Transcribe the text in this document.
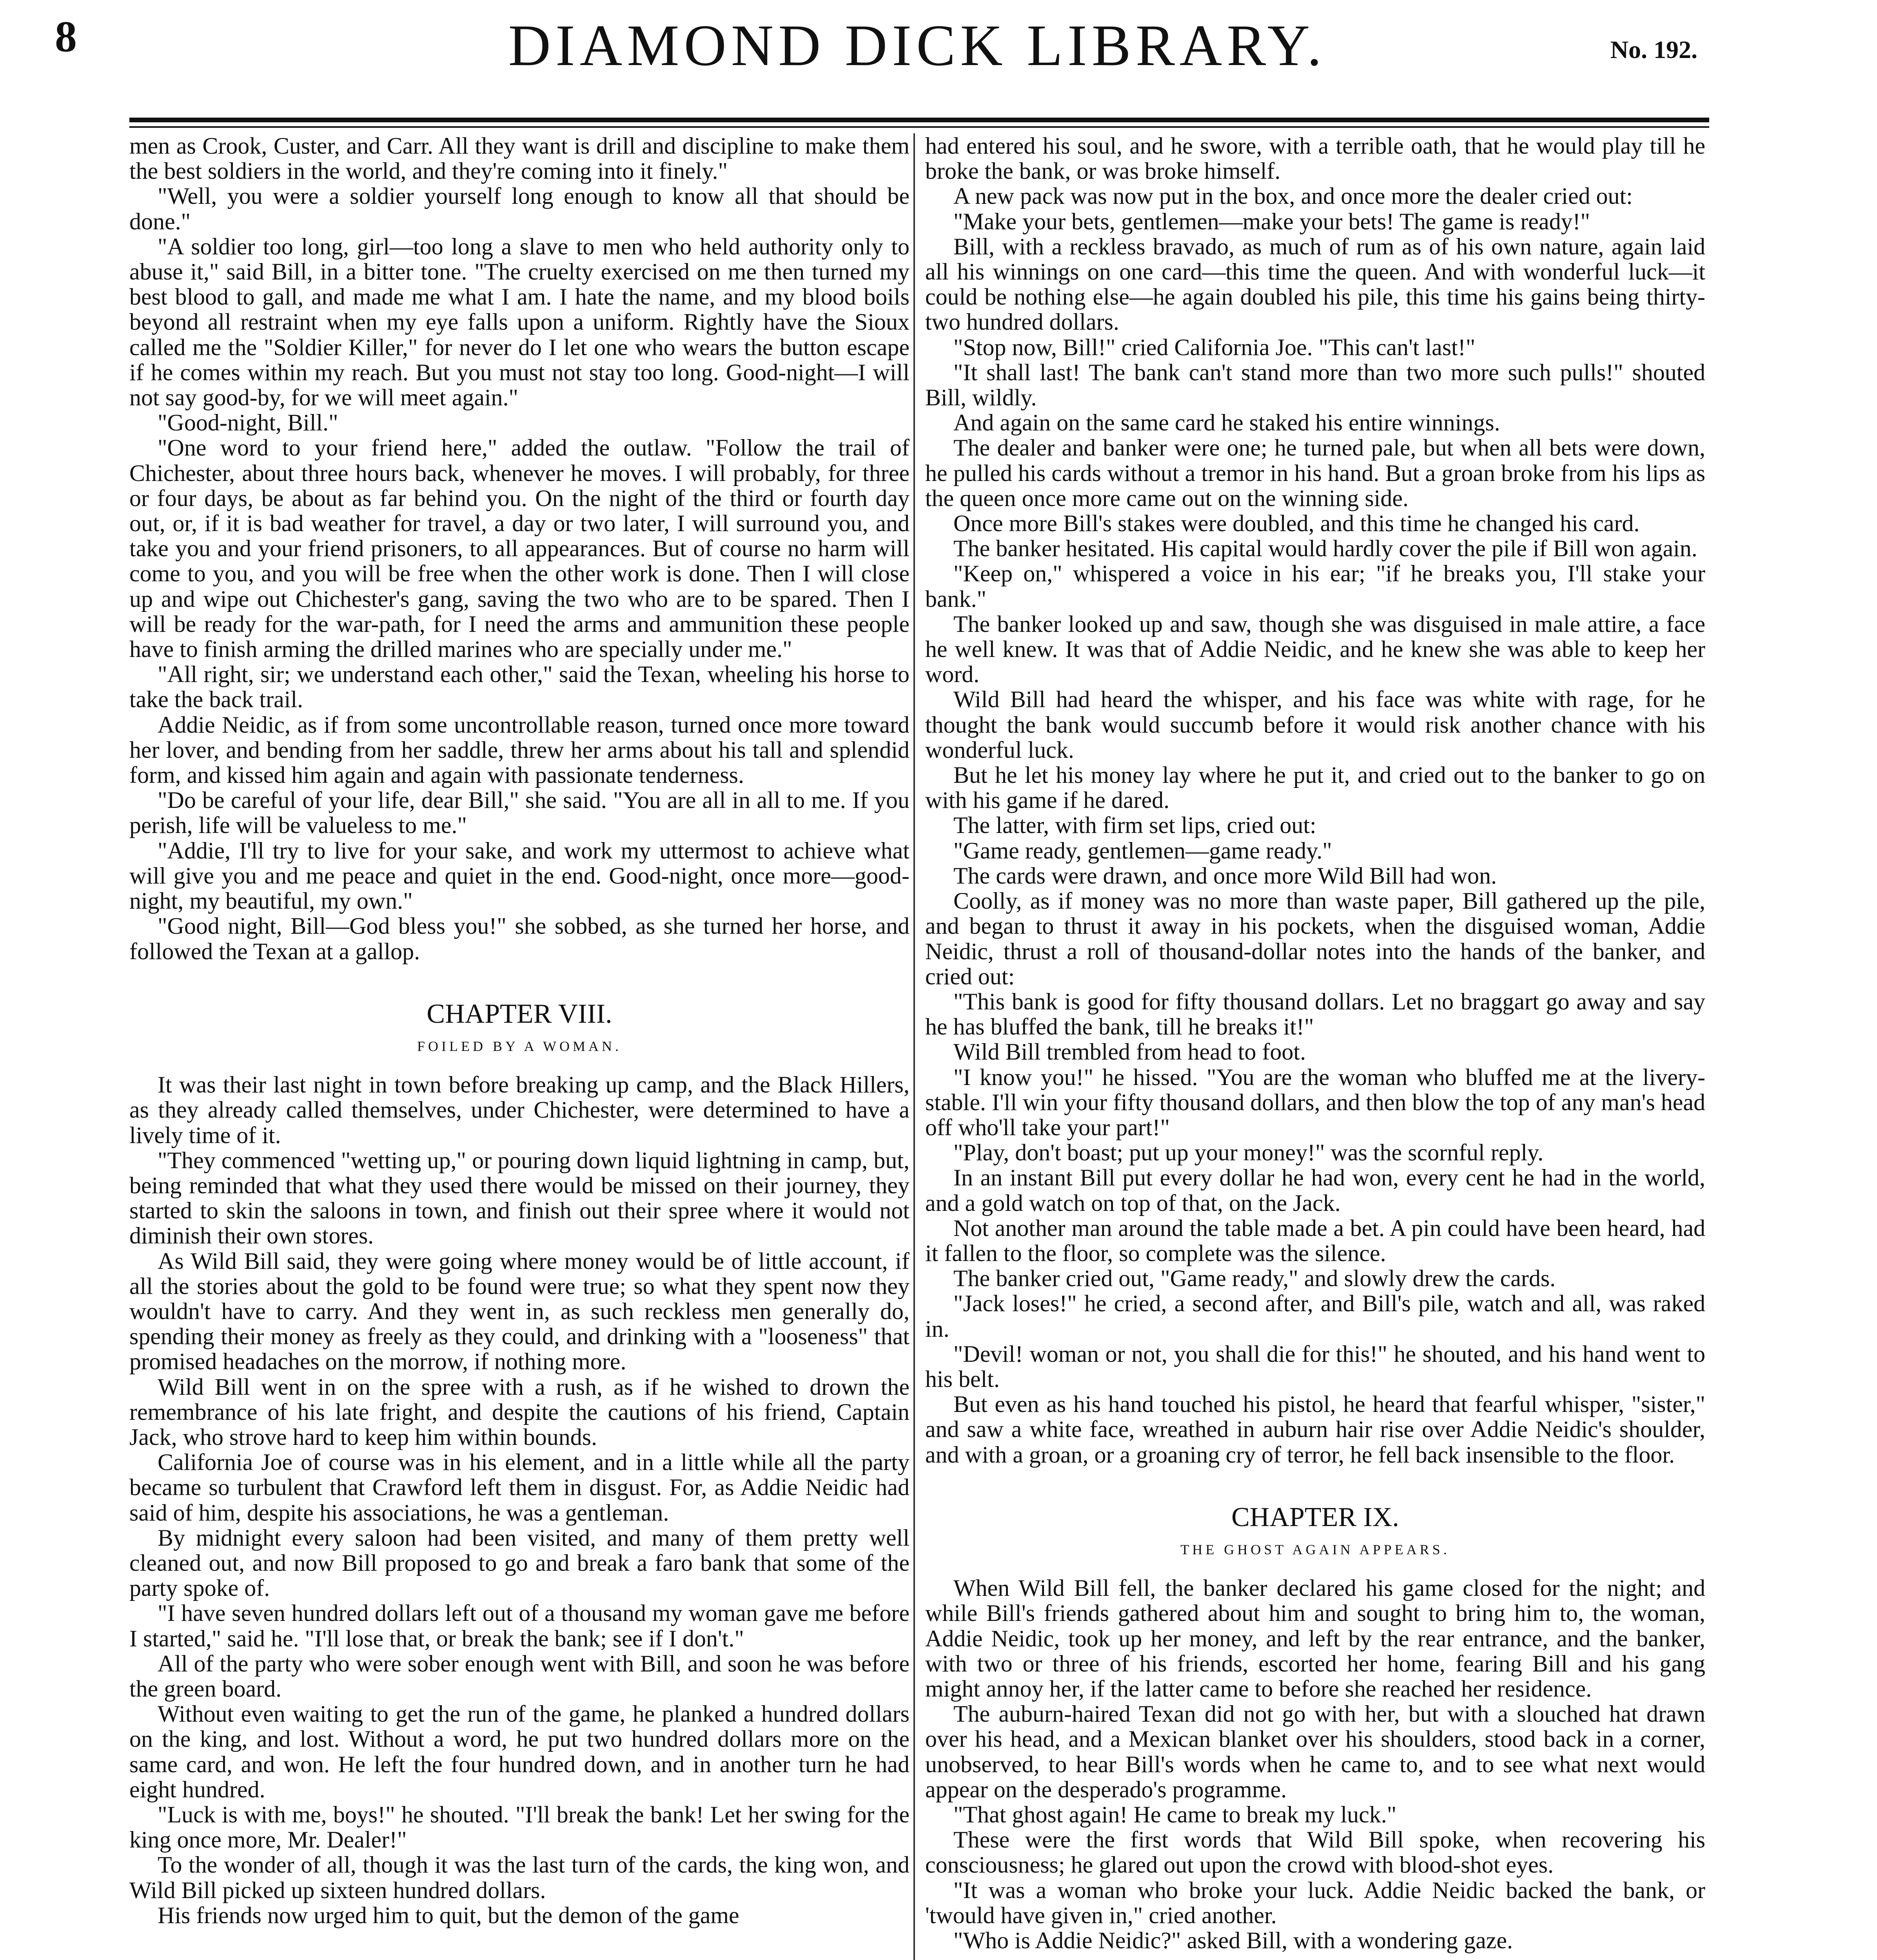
8	DIAMOND DICK LIBRARY.	No. 192.

men as Crook, Custer, and Carr. All they want is drill and discipline to make them the best soldiers in the world, and they're coming into it finely."

"Well, you were a soldier yourself long enough to know all that should be done."

"A soldier too long, girl—too long a slave to men who held authority only to abuse it," said Bill, in a bitter tone. "The cruelty exercised on me then turned my best blood to gall, and made me what I am. I hate the name, and my blood boils beyond all restraint when my eye falls upon a uniform. Rightly have the Sioux called me the "Soldier Killer," for never do I let one who wears the button escape if he comes within my reach. But you must not stay too long. Good-night—I will not say good-by, for we will meet again."

"Good-night, Bill."

"One word to your friend here," added the outlaw. "Follow the trail of Chichester, about three hours back, whenever he moves. I will probably, for three or four days, be about as far behind you. On the night of the third or fourth day out, or, if it is bad weather for travel, a day or two later, I will surround you, and take you and your friend prisoners, to all appearances. But of course no harm will come to you, and you will be free when the other work is done. Then I will close up and wipe out Chichester's gang, saving the two who are to be spared. Then I will be ready for the war-path, for I need the arms and ammunition these people have to finish arming the drilled marines who are specially under me."

"All right, sir; we understand each other," said the Texan, wheeling his horse to take the back trail.

Addie Neidic, as if from some uncontrollable reason, turned once more toward her lover, and bending from her saddle, threw her arms about his tall and splendid form, and kissed him again and again with passionate tenderness.

"Do be careful of your life, dear Bill," she said. "You are all in all to me. If you perish, life will be valueless to me."

"Addie, I'll try to live for your sake, and work my uttermost to achieve what will give you and me peace and quiet in the end. Good-night, once more—good-night, my beautiful, my own."

"Good night, Bill—God bless you!" she sobbed, as she turned her horse, and followed the Texan at a gallop.

CHAPTER VIII.
FOILED BY A WOMAN.

It was their last night in town before breaking up camp, and the Black Hillers, as they already called themselves, under Chichester, were determined to have a lively time of it.

"They commenced "wetting up," or pouring down liquid lightning in camp, but, being reminded that what they used there would be missed on their journey, they started to skin the saloons in town, and finish out their spree where it would not diminish their own stores.

As Wild Bill said, they were going where money would be of little account, if all the stories about the gold to be found were true; so what they spent now they wouldn't have to carry. And they went in, as such reckless men generally do, spending their money as freely as they could, and drinking with a "looseness" that promised headaches on the morrow, if nothing more.

Wild Bill went in on the spree with a rush, as if he wished to drown the remembrance of his late fright, and despite the cautions of his friend, Captain Jack, who strove hard to keep him within bounds.

California Joe of course was in his element, and in a little while all the party became so turbulent that Crawford left them in disgust. For, as Addie Neidic had said of him, despite his associations, he was a gentleman.

By midnight every saloon had been visited, and many of them pretty well cleaned out, and now Bill proposed to go and break a faro bank that some of the party spoke of.

"I have seven hundred dollars left out of a thousand my woman gave me before I started," said he. "I'll lose that, or break the bank; see if I don't."

All of the party who were sober enough went with Bill, and soon he was before the green board.

Without even waiting to get the run of the game, he planked a hundred dollars on the king, and lost. Without a word, he put two hundred dollars more on the same card, and won. He left the four hundred down, and in another turn he had eight hundred.

"Luck is with me, boys!" he shouted. "I'll break the bank! Let her swing for the king once more, Mr. Dealer!"

To the wonder of all, though it was the last turn of the cards, the king won, and Wild Bill picked up sixteen hundred dollars.

His friends now urged him to quit, but the demon of the game

had entered his soul, and he swore, with a terrible oath, that he would play till he broke the bank, or was broke himself.

A new pack was now put in the box, and once more the dealer cried out:

"Make your bets, gentlemen—make your bets! The game is ready!"

Bill, with a reckless bravado, as much of rum as of his own nature, again laid all his winnings on one card—this time the queen. And with wonderful luck—it could be nothing else—he again doubled his pile, this time his gains being thirty-two hundred dollars.

"Stop now, Bill!" cried California Joe. "This can't last!"

"It shall last! The bank can't stand more than two more such pulls!" shouted Bill, wildly.

And again on the same card he staked his entire winnings.

The dealer and banker were one; he turned pale, but when all bets were down, he pulled his cards without a tremor in his hand. But a groan broke from his lips as the queen once more came out on the winning side.

Once more Bill's stakes were doubled, and this time he changed his card.

The banker hesitated. His capital would hardly cover the pile if Bill won again.

"Keep on," whispered a voice in his ear; "if he breaks you, I'll stake your bank."

The banker looked up and saw, though she was disguised in male attire, a face he well knew. It was that of Addie Neidic, and he knew she was able to keep her word.

Wild Bill had heard the whisper, and his face was white with rage, for he thought the bank would succumb before it would risk another chance with his wonderful luck.

But he let his money lay where he put it, and cried out to the banker to go on with his game if he dared.

The latter, with firm set lips, cried out:

"Game ready, gentlemen—game ready."

The cards were drawn, and once more Wild Bill had won.

Coolly, as if money was no more than waste paper, Bill gathered up the pile, and began to thrust it away in his pockets, when the disguised woman, Addie Neidic, thrust a roll of thousand-dollar notes into the hands of the banker, and cried out:

"This bank is good for fifty thousand dollars. Let no braggart go away and say he has bluffed the bank, till he breaks it!"

Wild Bill trembled from head to foot.

"I know you!" he hissed. "You are the woman who bluffed me at the livery-stable. I'll win your fifty thousand dollars, and then blow the top of any man's head off who'll take your part!"

"Play, don't boast; put up your money!" was the scornful reply.

In an instant Bill put every dollar he had won, every cent he had in the world, and a gold watch on top of that, on the Jack.

Not another man around the table made a bet. A pin could have been heard, had it fallen to the floor, so complete was the silence.

The banker cried out, "Game ready," and slowly drew the cards.

"Jack loses!" he cried, a second after, and Bill's pile, watch and all, was raked in.

"Devil! woman or not, you shall die for this!" he shouted, and his hand went to his belt.

But even as his hand touched his pistol, he heard that fearful whisper, "sister," and saw a white face, wreathed in auburn hair rise over Addie Neidic's shoulder, and with a groan, or a groaning cry of terror, he fell back insensible to the floor.

CHAPTER IX.
THE GHOST AGAIN APPEARS.

When Wild Bill fell, the banker declared his game closed for the night; and while Bill's friends gathered about him and sought to bring him to, the woman, Addie Neidic, took up her money, and left by the rear entrance, and the banker, with two or three of his friends, escorted her home, fearing Bill and his gang might annoy her, if the latter came to before she reached her residence.

The auburn-haired Texan did not go with her, but with a slouched hat drawn over his head, and a Mexican blanket over his shoulders, stood back in a corner, unobserved, to hear Bill's words when he came to, and to see what next would appear on the desperado's programme.

"That ghost again! He came to break my luck."

These were the first words that Wild Bill spoke, when recovering his consciousness; he glared out upon the crowd with blood-shot eyes.

"It was a woman who broke your luck. Addie Neidic backed the bank, or 'twould have given in," cried another.

"Who is Addie Neidic?" asked Bill, with a wondering gaze.
